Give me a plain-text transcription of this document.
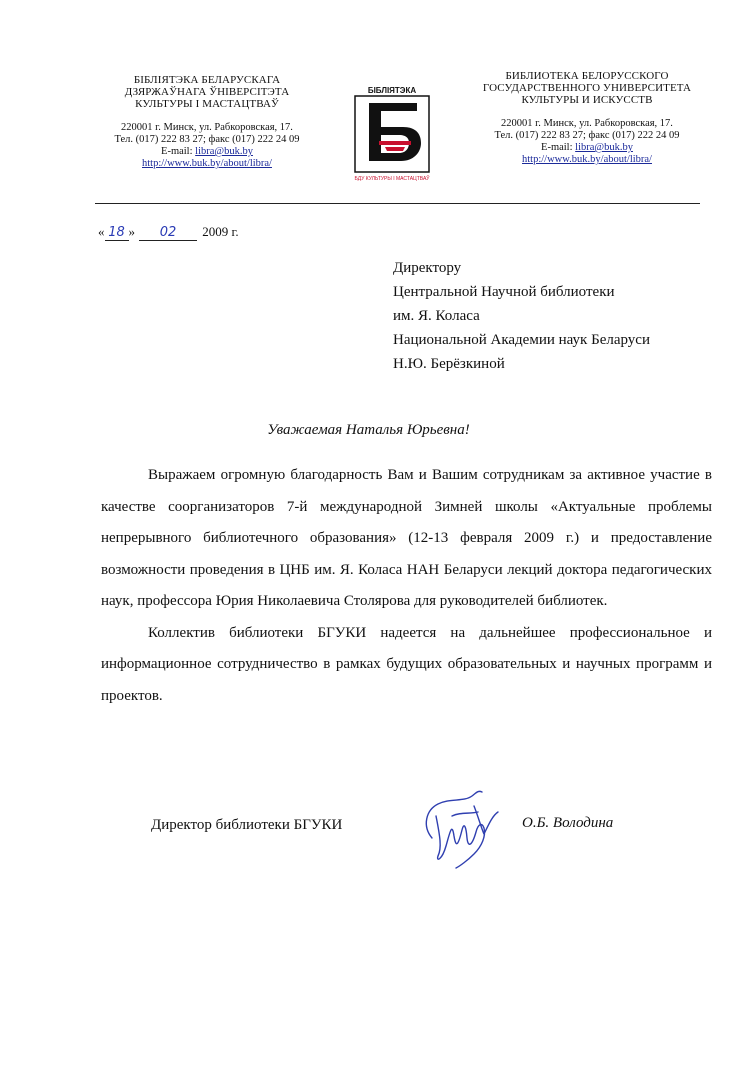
БІБЛІЯТЭКА БЕЛАРУСКАГА
ДЗЯРЖАЎНАГА ЎНІВЕРСІТЭТА
КУЛЬТУРЫ І МАСТАЦТВАЎ
220001 г. Минск, ул. Рабкоровская, 17.
Тел. (017) 222 83 27; факс (017) 222 24 09
E-mail: libra@buk.by
http://www.buk.by/about/libra/
БІБЛІЯТЭКА
БДУ КУЛЬТУРЫ І МАСТАЦТВАЎ
БИБЛИОТЕКА БЕЛОРУССКОГО
ГОСУДАРСТВЕННОГО УНИВЕРСИТЕТА
КУЛЬТУРЫ И ИСКУССТВ
220001 г. Минск, ул. Рабкоровская, 17.
Тел. (017) 222 83 27; факс (017) 222 24 09
E-mail: libra@buk.by
http://www.buk.by/about/libra/
« 18 » 02 2009 г.
Директору
Центральной Научной библиотеки
им. Я. Коласа
Национальной Академии наук Беларуси
Н.Ю. Берёзкиной
Уважаемая Наталья Юрьевна!

Выражаем огромную благодарность Вам и Вашим сотрудникам за активное участие в качестве соорганизаторов 7-й международной Зимней школы «Актуальные проблемы непрерывного библиотечного образования» (12-13 февраля 2009 г.) и предоставление возможности проведения в ЦНБ им. Я. Коласа НАН Беларуси лекций доктора педагогических наук, профессора Юрия Николаевича Столярова для руководителей библиотек.

Коллектив библиотеки БГУКИ надеется на дальнейшее профессиональное и информационное сотрудничество в рамках будущих образовательных и научных программ и проектов.

Директор библиотеки БГУКИ	О.Б. Володина
